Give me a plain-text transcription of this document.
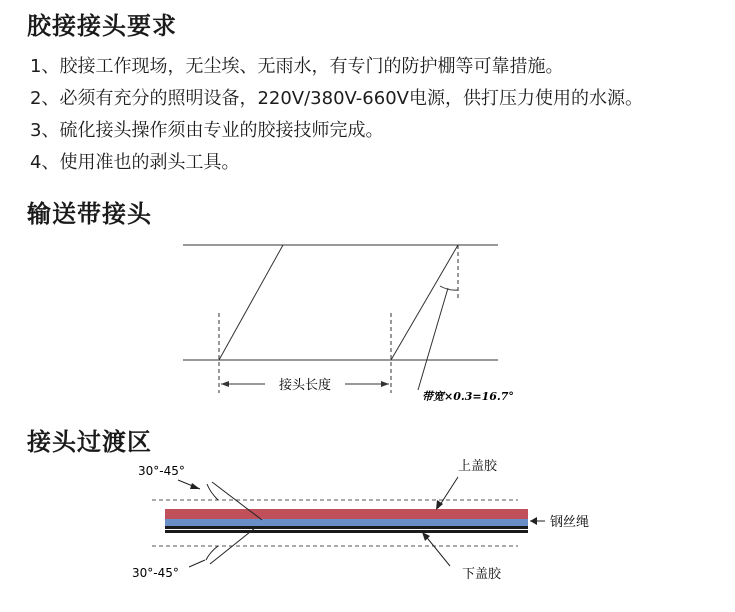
胶接接头要求
1、胶接工作现场，无尘埃、无雨水，有专门的防护棚等可靠措施。
2、必须有充分的照明设备，220V/380V-660V电源，供打压力使用的水源。
3、硫化接头操作须由专业的胶接技师完成。
4、使用准也的剥头工具。
输送带接头
接头长度
带宽×0.3=16.7°
30°-45°
30°-45°
上盖胶
钢丝绳
下盖胶
接头过渡区
